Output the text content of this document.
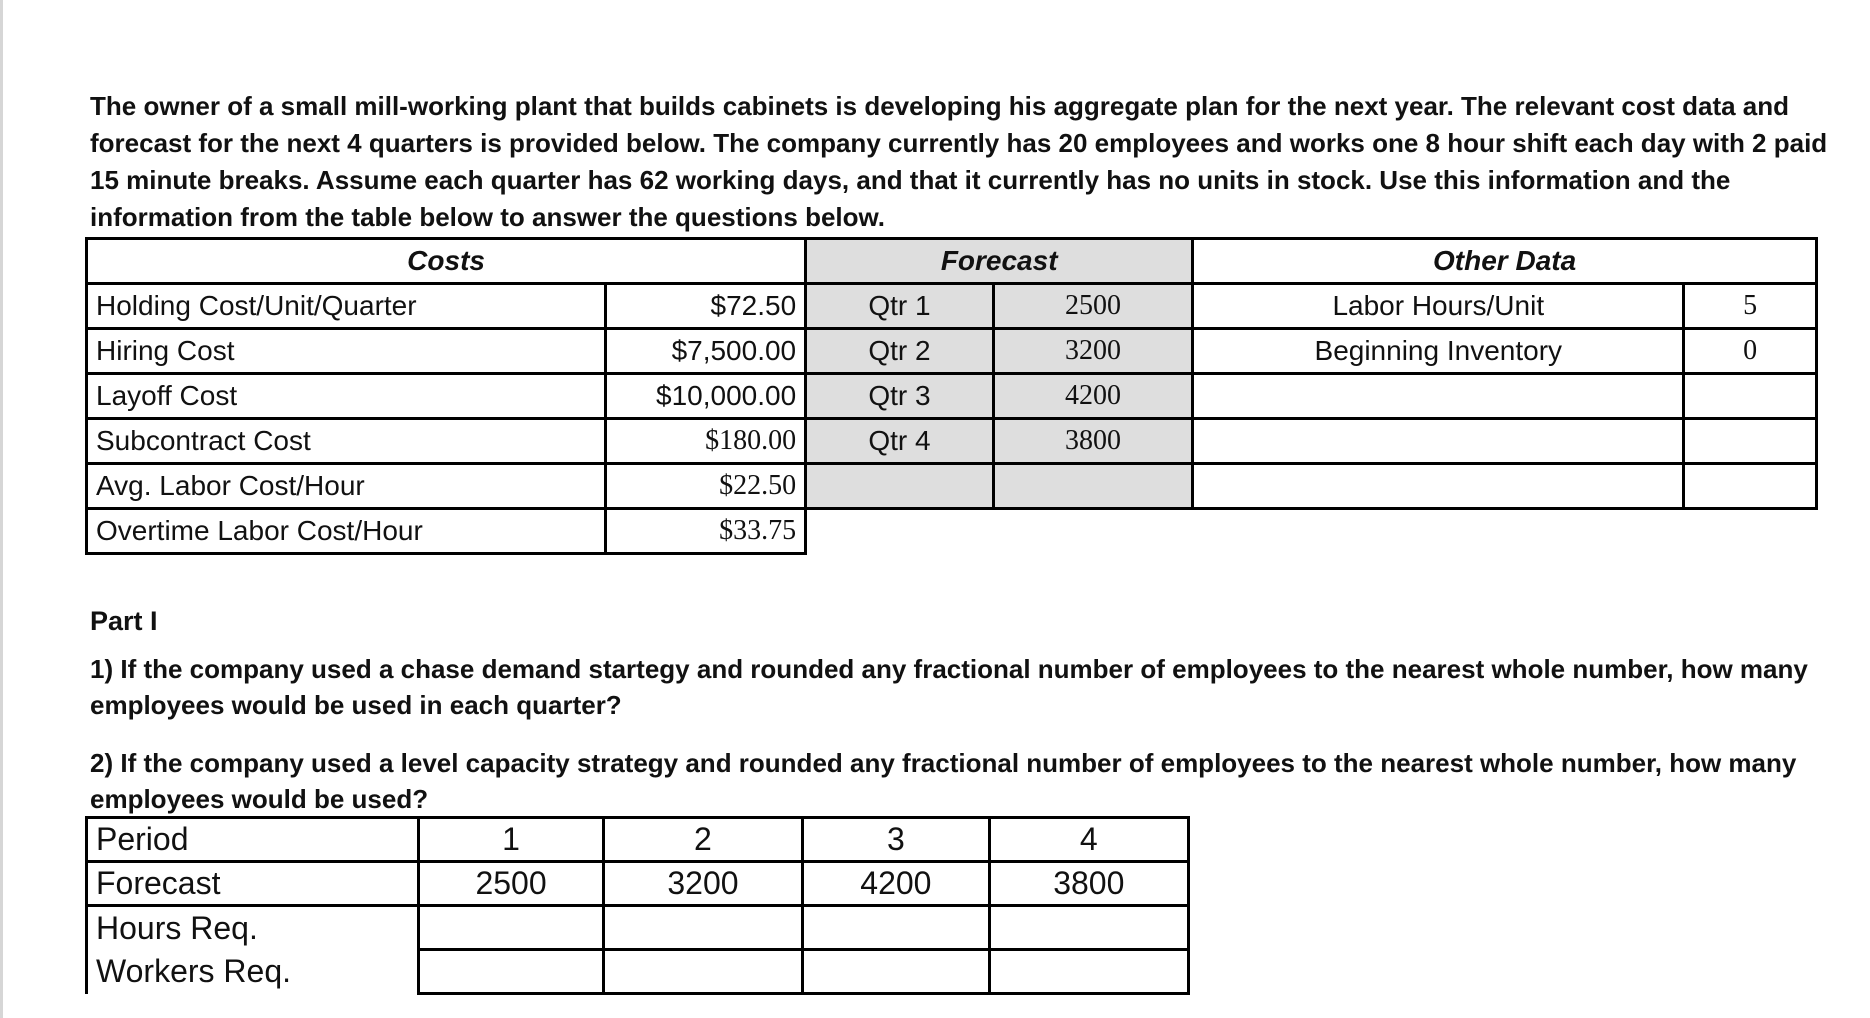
The owner of a small mill-working plant that builds cabinets is developing his aggregate plan for the next year. The relevant cost data and forecast for the next 4 quarters is provided below. The company currently has 20 employees and works one 8 hour shift each day with 2 paid 15 minute breaks. Assume each quarter has 62 working days, and that it currently has no units in stock. Use this information and the information from the table below to answer the questions below.
Costs		Forecast		Other Data	
Holding Cost/Unit/Quarter	$72.50	Qtr 1	2500	Labor Hours/Unit	5
Hiring Cost	$7,500.00	Qtr 2	3200	Beginning Inventory	0
Layoff Cost	$10,000.00	Qtr 3	4200		
Subcontract Cost	$180.00	Qtr 4	3800		
Avg. Labor Cost/Hour	$22.50				
Overtime Labor Cost/Hour	$33.75				
Part I
1) If the company used a chase demand startegy and rounded any fractional number of employees to the nearest whole number, how many employees would be used in each quarter?
2) If the company used a level capacity strategy and rounded any fractional number of employees to the nearest whole number, how many employees would be used?
Period	1	2	3	4
Forecast	2500	3200	4200	3800
Hours Req.				
Workers Req.				
